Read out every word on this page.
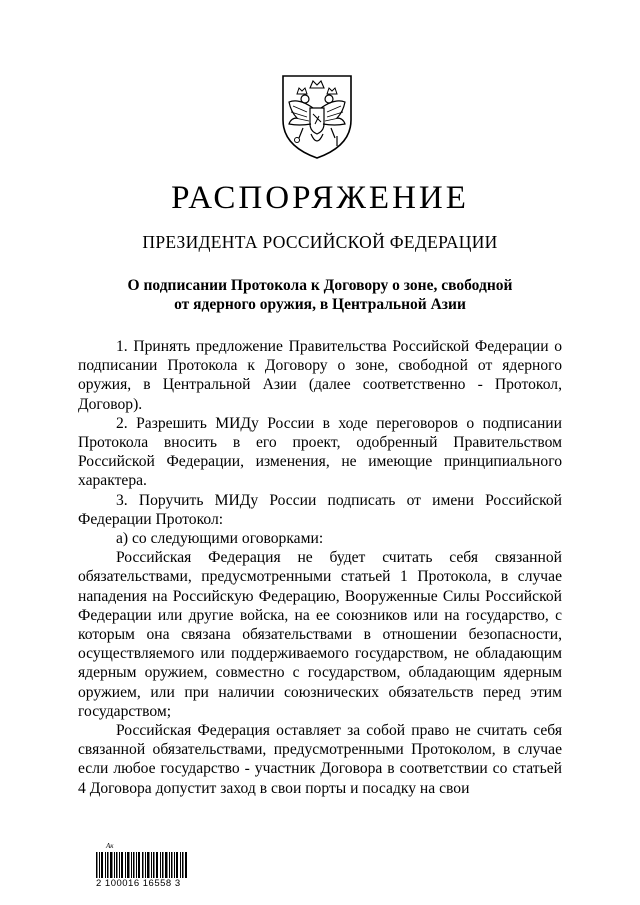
РАСПОРЯЖЕНИЕ
ПРЕЗИДЕНТА РОССИЙСКОЙ ФЕДЕРАЦИИ
О подписании Протокола к Договору о зоне, свободной
от ядерного оружия, в Центральной Азии

1. Принять предложение Правительства Российской Федерации о подписании Протокола к Договору о зоне, свободной от ядерного оружия, в Центральной Азии (далее соответственно - Протокол, Договор).

2. Разрешить МИДу России в ходе переговоров о подписании Протокола вносить в его проект, одобренный Правительством Российской Федерации, изменения, не имеющие принципиального характера.

3. Поручить МИДу России подписать от имени Российской Федерации Протокол:

а) со следующими оговорками:

Российская Федерация не будет считать себя связанной обязательствами, предусмотренными статьей 1 Протокола, в случае нападения на Российскую Федерацию, Вооруженные Силы Российской Федерации или другие войска, на ее союзников или на государство, с которым она связана обязательствами в отношении безопасности, осуществляемого или поддерживаемого государством, не обладающим ядерным оружием, совместно с государством, обладающим ядерным оружием, или при наличии союзнических обязательств перед этим государством;

Российская Федерация оставляет за собой право не считать себя связанной обязательствами, предусмотренными Протоколом, в случае если любое государство - участник Договора в соответствии со статьей 4 Договора допустит заход в свои порты и посадку на свои

Ак
2 100016 16558 3
